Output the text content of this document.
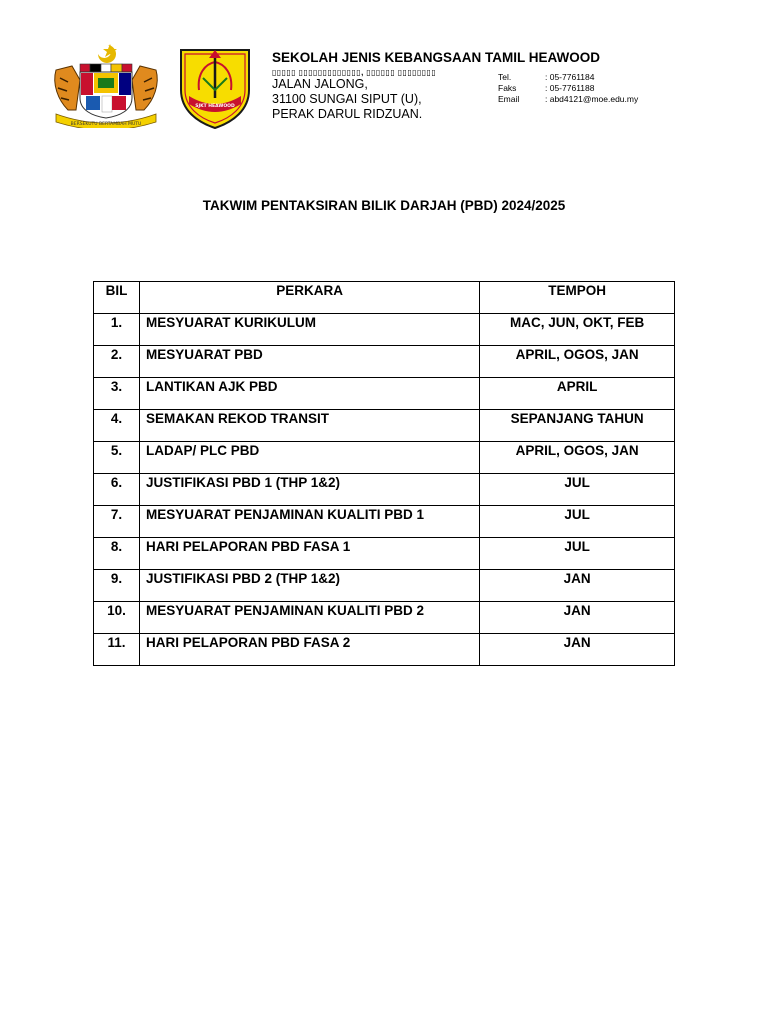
BERSEKUTU BERTAMBAH MUTU
SJKT HEAWOOD
SEKOLAH JENIS KEBANGSAAN TAMIL HEAWOOD
▯▯▯▯▯ ▯▯▯▯▯▯▯▯▯▯▯▯▯, ▯▯▯▯▯▯ ▯▯▯▯▯▯▯▯
JALAN JALONG,
31100 SUNGAI SIPUT (U),
PERAK DARUL RIDZUAN.
Tel.	: 05-7761184
Faks	: 05-7761188
Email	: abd4121@moe.edu.my
TAKWIM PENTAKSIRAN BILIK DARJAH (PBD) 2024/2025
BIL	PERKARA	TEMPOH
1.	MESYUARAT KURIKULUM	MAC, JUN, OKT, FEB
2.	MESYUARAT PBD	APRIL, OGOS, JAN
3.	LANTIKAN AJK PBD	APRIL
4.	SEMAKAN REKOD TRANSIT	SEPANJANG TAHUN
5.	LADAP/ PLC PBD	APRIL, OGOS, JAN
6.	JUSTIFIKASI PBD 1 (THP 1&2)	JUL
7.	MESYUARAT PENJAMINAN KUALITI PBD 1	JUL
8.	HARI PELAPORAN PBD FASA 1	JUL
9.	JUSTIFIKASI PBD 2 (THP 1&2)	JAN
10.	MESYUARAT PENJAMINAN KUALITI PBD 2	JAN
11.	HARI PELAPORAN PBD FASA 2	JAN
